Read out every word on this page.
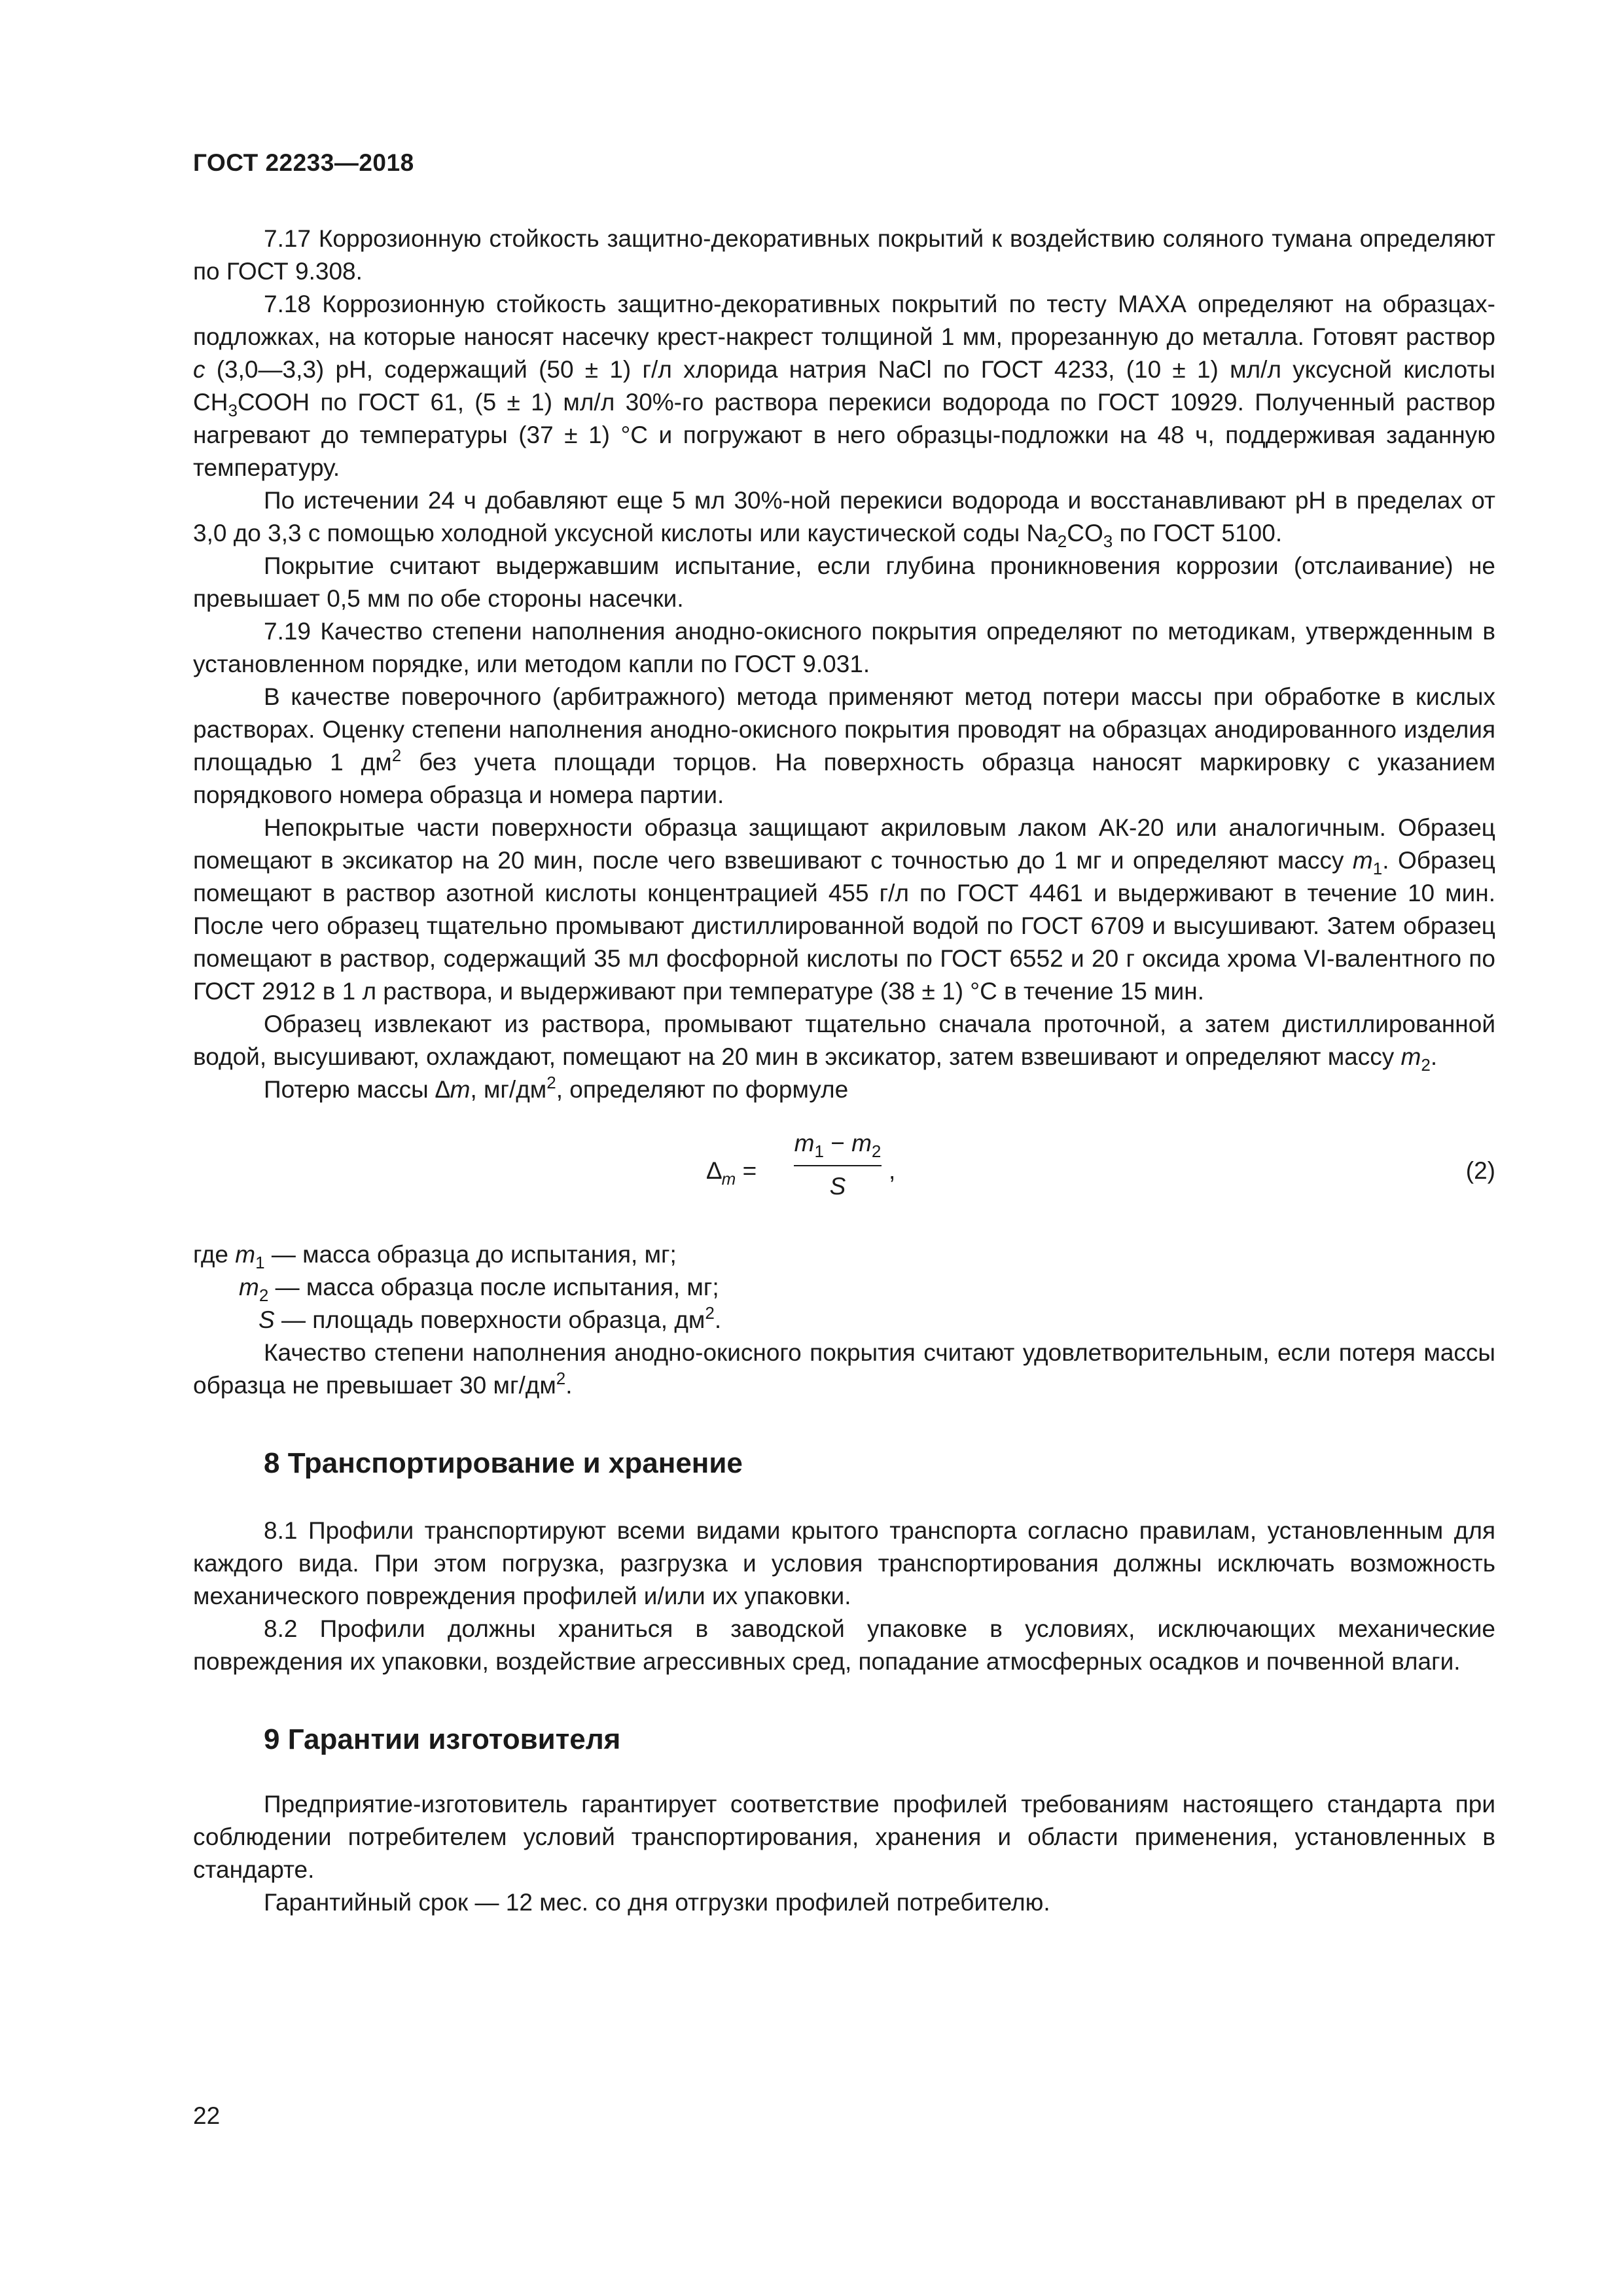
ГОСТ 22233—2018

7.17 Коррозионную стойкость защитно-декоративных покрытий к воздействию соляного тумана определяют по ГОСТ 9.308.

7.18 Коррозионную стойкость защитно-декоративных покрытий по тесту МАХА определяют на образцах-подложках, на которые наносят насечку крест-накрест толщиной 1 мм, прорезанную до металла. Готовят раствор с (3,0—3,3) рН, содержащий (50 ± 1) г/л хлорида натрия NaCl по ГОСТ 4233, (10 ± 1) мл/л уксусной кислоты $СН_3СООН$ по ГОСТ 61, (5 ± 1) мл/л 30%-го раствора перекиси водорода по ГОСТ 10929. Полученный раствор нагревают до температуры (37 ± 1) °С и погружают в него образцы-подложки на 48 ч, поддерживая заданную температуру.

По истечении 24 ч добавляют еще 5 мл 30%-ной перекиси водорода и восстанавливают рН в пределах от 3,0 до 3,3 с помощью холодной уксусной кислоты или каустической соды $Na_2CO_3$ по ГОСТ 5100.

Покрытие считают выдержавшим испытание, если глубина проникновения коррозии (отслаивание) не превышает 0,5 мм по обе стороны насечки.

7.19 Качество степени наполнения анодно-окисного покрытия определяют по методикам, утвержденным в установленном порядке, или методом капли по ГОСТ 9.031.

В качестве поверочного (арбитражного) метода применяют метод потери массы при обработке в кислых растворах. Оценку степени наполнения анодно-окисного покрытия проводят на образцах анодированного изделия площадью 1 $дм^2$ без учета площади торцов. На поверхность образца наносят маркировку с указанием порядкового номера образца и номера партии.

Непокрытые части поверхности образца защищают акриловым лаком АК-20 или аналогичным. Образец помещают в эксикатор на 20 мин, после чего взвешивают с точностью до 1 мг и определяют массу $m_1$. Образец помещают в раствор азотной кислоты концентрацией 455 г/л по ГОСТ 4461 и выдерживают в течение 10 мин. После чего образец тщательно промывают дистиллированной водой по ГОСТ 6709 и высушивают. Затем образец помещают в раствор, содержащий 35 мл фосфорной кислоты по ГОСТ 6552 и 20 г оксида хрома VI-валентного по ГОСТ 2912 в 1 л раствора, и выдерживают при температуре (38 ± 1) °С в течение 15 мин.

Образец извлекают из раствора, промывают тщательно сначала проточной, а затем дистиллированной водой, высушивают, охлаждают, помещают на 20 мин в эксикатор, затем взвешивают и определяют массу $m_2$.

Потерю массы ∆m, $мг/дм^2$, определяют по формуле

$\Delta_m$ =
$m_1 - m_2$
S
,	(2)
где $m_1$ — масса образца до испытания, мг;
$m_2$ — масса образца после испытания, мг;
S — площадь поверхности образца, $дм^2$.

Качество степени наполнения анодно-окисного покрытия считают удовлетворительным, если потеря массы образца не превышает 30 $мг/дм^2$.

8 Транспортирование и хранение

8.1 Профили транспортируют всеми видами крытого транспорта согласно правилам, установленным для каждого вида. При этом погрузка, разгрузка и условия транспортирования должны исключать возможность механического повреждения профилей и/или их упаковки.

8.2 Профили должны храниться в заводской упаковке в условиях, исключающих механические повреждения их упаковки, воздействие агрессивных сред, попадание атмосферных осадков и почвенной влаги.

9 Гарантии изготовителя

Предприятие-изготовитель гарантирует соответствие профилей требованиям настоящего стандарта при соблюдении потребителем условий транспортирования, хранения и области применения, установленных в стандарте.

Гарантийный срок — 12 мес. со дня отгрузки профилей потребителю.

22
